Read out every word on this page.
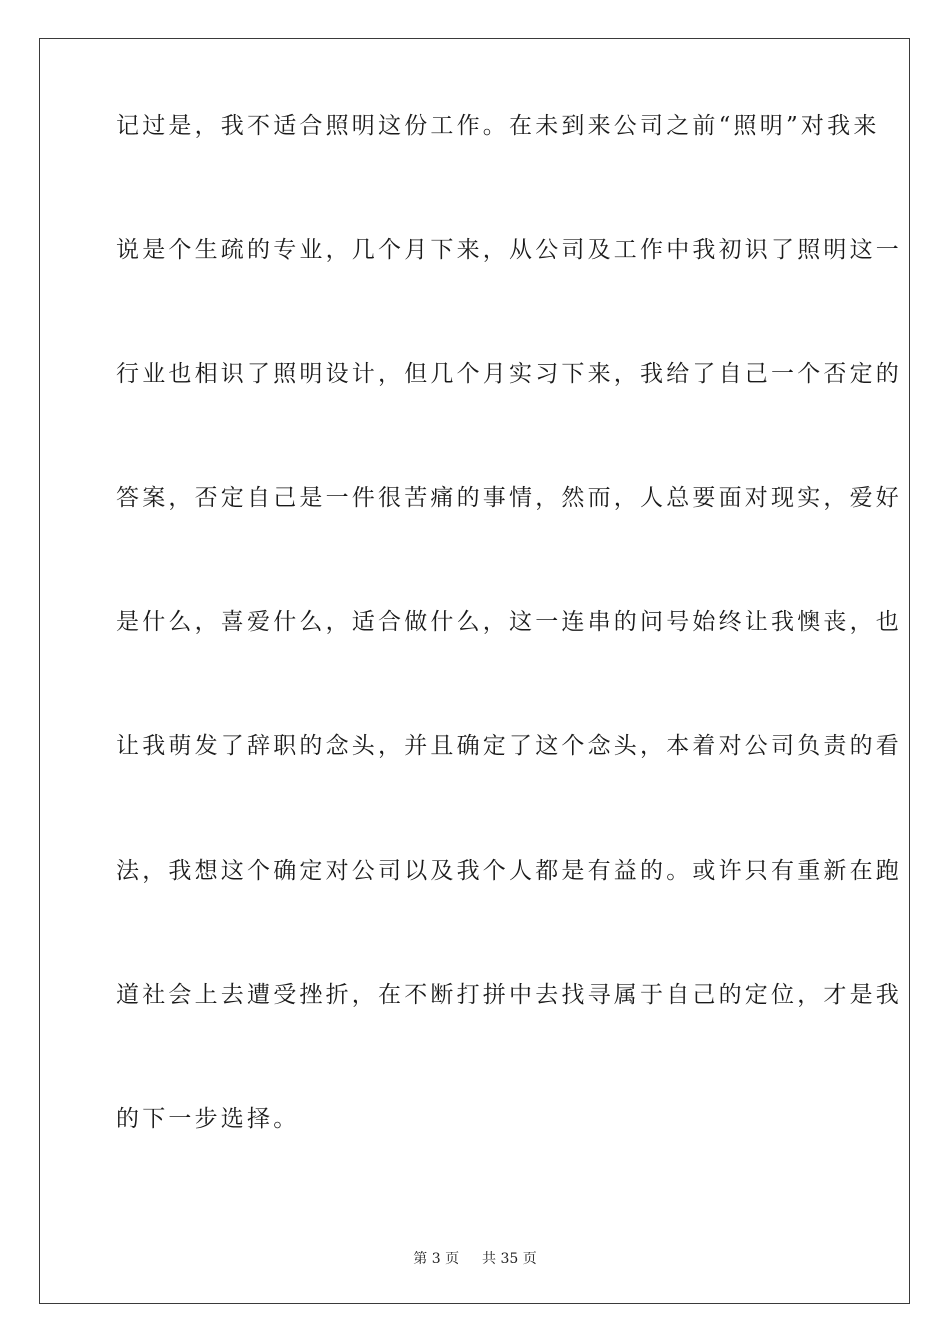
记过是，我不适合照明这份工作。在未到来公司之前“照明”对我来
说是个生疏的专业，几个月下来，从公司及工作中我初识了照明这一
行业也相识了照明设计，但几个月实习下来，我给了自己一个否定的
答案，否定自己是一件很苦痛的事情，然而，人总要面对现实，爱好
是什么，喜爱什么，适合做什么，这一连串的问号始终让我懊丧，也
让我萌发了辞职的念头，并且确定了这个念头，本着对公司负责的看
法，我想这个确定对公司以及我个人都是有益的。或许只有重新在跑
道社会上去遭受挫折，在不断打拼中去找寻属于自己的定位，才是我
的下一步选择。
第 3 页 共 35 页
